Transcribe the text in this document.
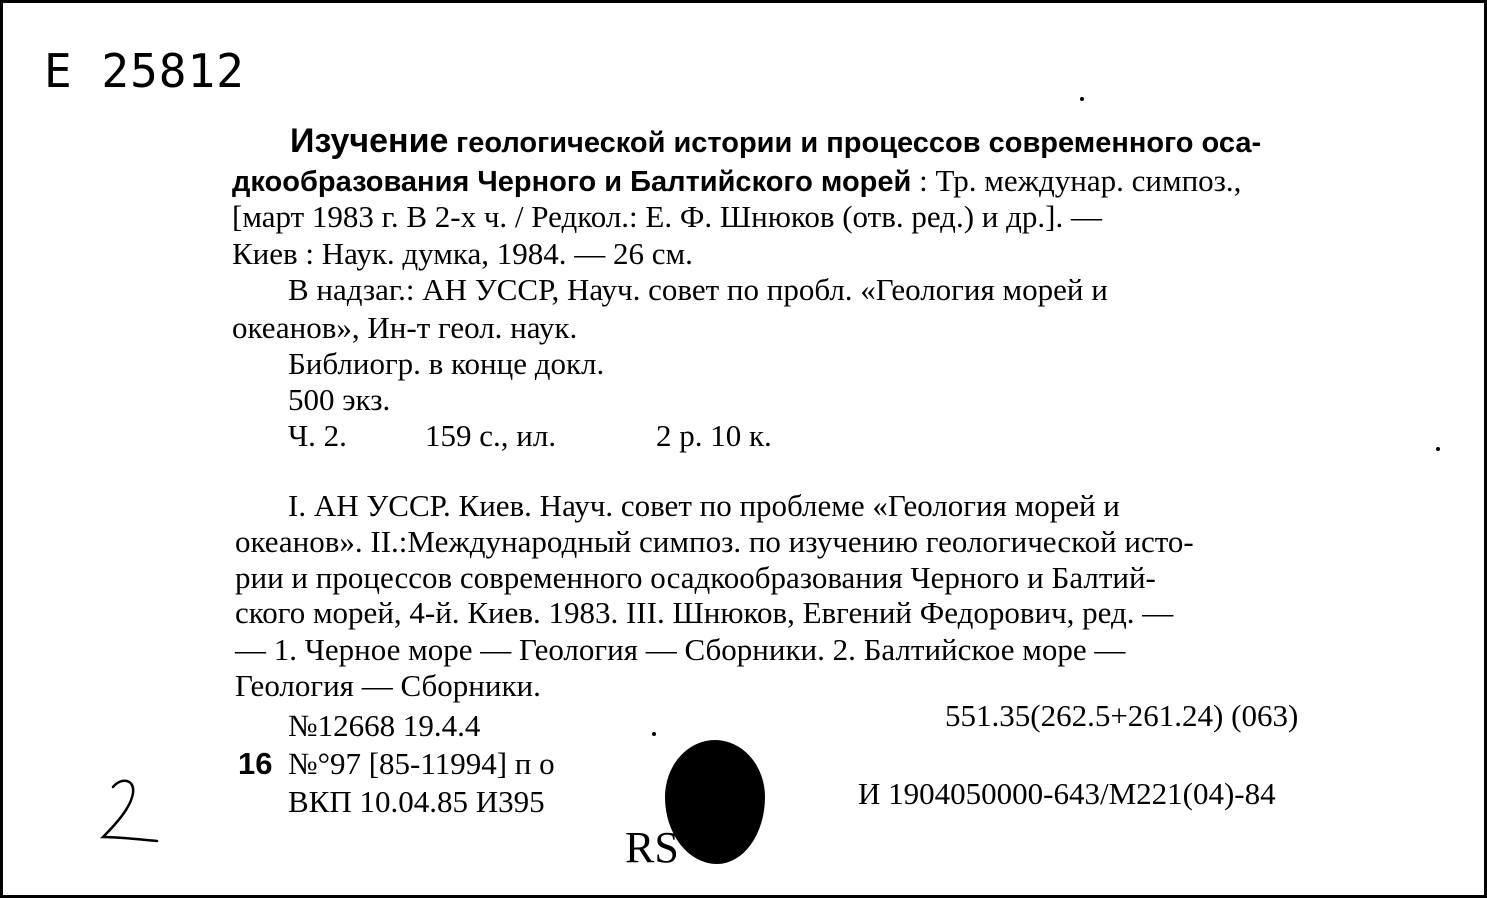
Е 25812
Изучение геологической истории и процессов современного оса-
дкообразования Черного и Балтийского морей : Тр. междунар. симпоз.,
[март 1983 г. В 2-х ч. / Редкол.: Е. Ф. Шнюков (отв. ред.) и др.]. —
Киев : Наук. думка, 1984. — 26 см.
В надзаг.: АН УССР, Науч. совет по пробл. «Геология морей и
океанов», Ин-т геол. наук.
Библиогр. в конце докл.
500 экз.
Ч. 2.	159 с., ил.	2 р. 10 к.
I. АН УССР. Киев. Науч. совет по проблеме «Геология морей и
океанов». II.:Международный симпоз. по изучению геологической исто-
рии и процессов современного осадкообразования Черного и Балтий-
ского морей, 4-й. Киев. 1983. III. Шнюков, Евгений Федорович, ред. —
— 1. Черное море — Геология — Сборники. 2. Балтийское море —
Геология — Сборники.
№12668 19.4.4	551.35(262.5+261.24) (063)
16 №°97 [85-11994] п о
ВКП 10.04.85 И395	И 1904050000-643/М221(04)-84
RS
